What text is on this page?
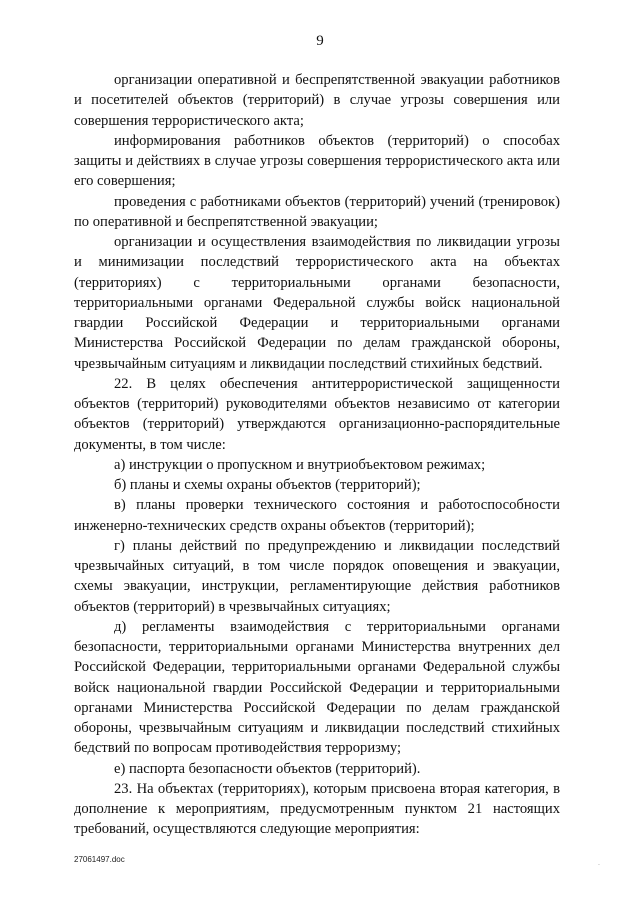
9

организации оперативной и беспрепятственной эвакуации работников и посетителей объектов (территорий) в случае угрозы совершения или совершения террористического акта;

информирования работников объектов (территорий) о способах защиты и действиях в случае угрозы совершения террористического акта или его совершения;

проведения с работниками объектов (территорий) учений (тренировок) по оперативной и беспрепятственной эвакуации;

организации и осуществления взаимодействия по ликвидации угрозы и минимизации последствий террористического акта на объектах (территориях) с территориальными органами безопасности, территориальными органами Федеральной службы войск национальной гвардии Российской Федерации и территориальными органами Министерства Российской Федерации по делам гражданской обороны, чрезвычайным ситуациям и ликвидации последствий стихийных бедствий.

22. В целях обеспечения антитеррористической защищенности объектов (территорий) руководителями объектов независимо от категории объектов (территорий) утверждаются организационно-распорядительные документы, в том числе:

а) инструкции о пропускном и внутриобъектовом режимах;

б) планы и схемы охраны объектов (территорий);

в) планы проверки технического состояния и работоспособности инженерно-технических средств охраны объектов (территорий);

г) планы действий по предупреждению и ликвидации последствий чрезвычайных ситуаций, в том числе порядок оповещения и эвакуации, схемы эвакуации, инструкции, регламентирующие действия работников объектов (территорий) в чрезвычайных ситуациях;

д) регламенты взаимодействия с территориальными органами безопасности, территориальными органами Министерства внутренних дел Российской Федерации, территориальными органами Федеральной службы войск национальной гвардии Российской Федерации и территориальными органами Министерства Российской Федерации по делам гражданской обороны, чрезвычайным ситуациям и ликвидации последствий стихийных бедствий по вопросам противодействия терроризму;

е) паспорта безопасности объектов (территорий).

23. На объектах (территориях), которым присвоена вторая категория, в дополнение к мероприятиям, предусмотренным пунктом 21 настоящих требований, осуществляются следующие мероприятия:

27061497.doc	.
